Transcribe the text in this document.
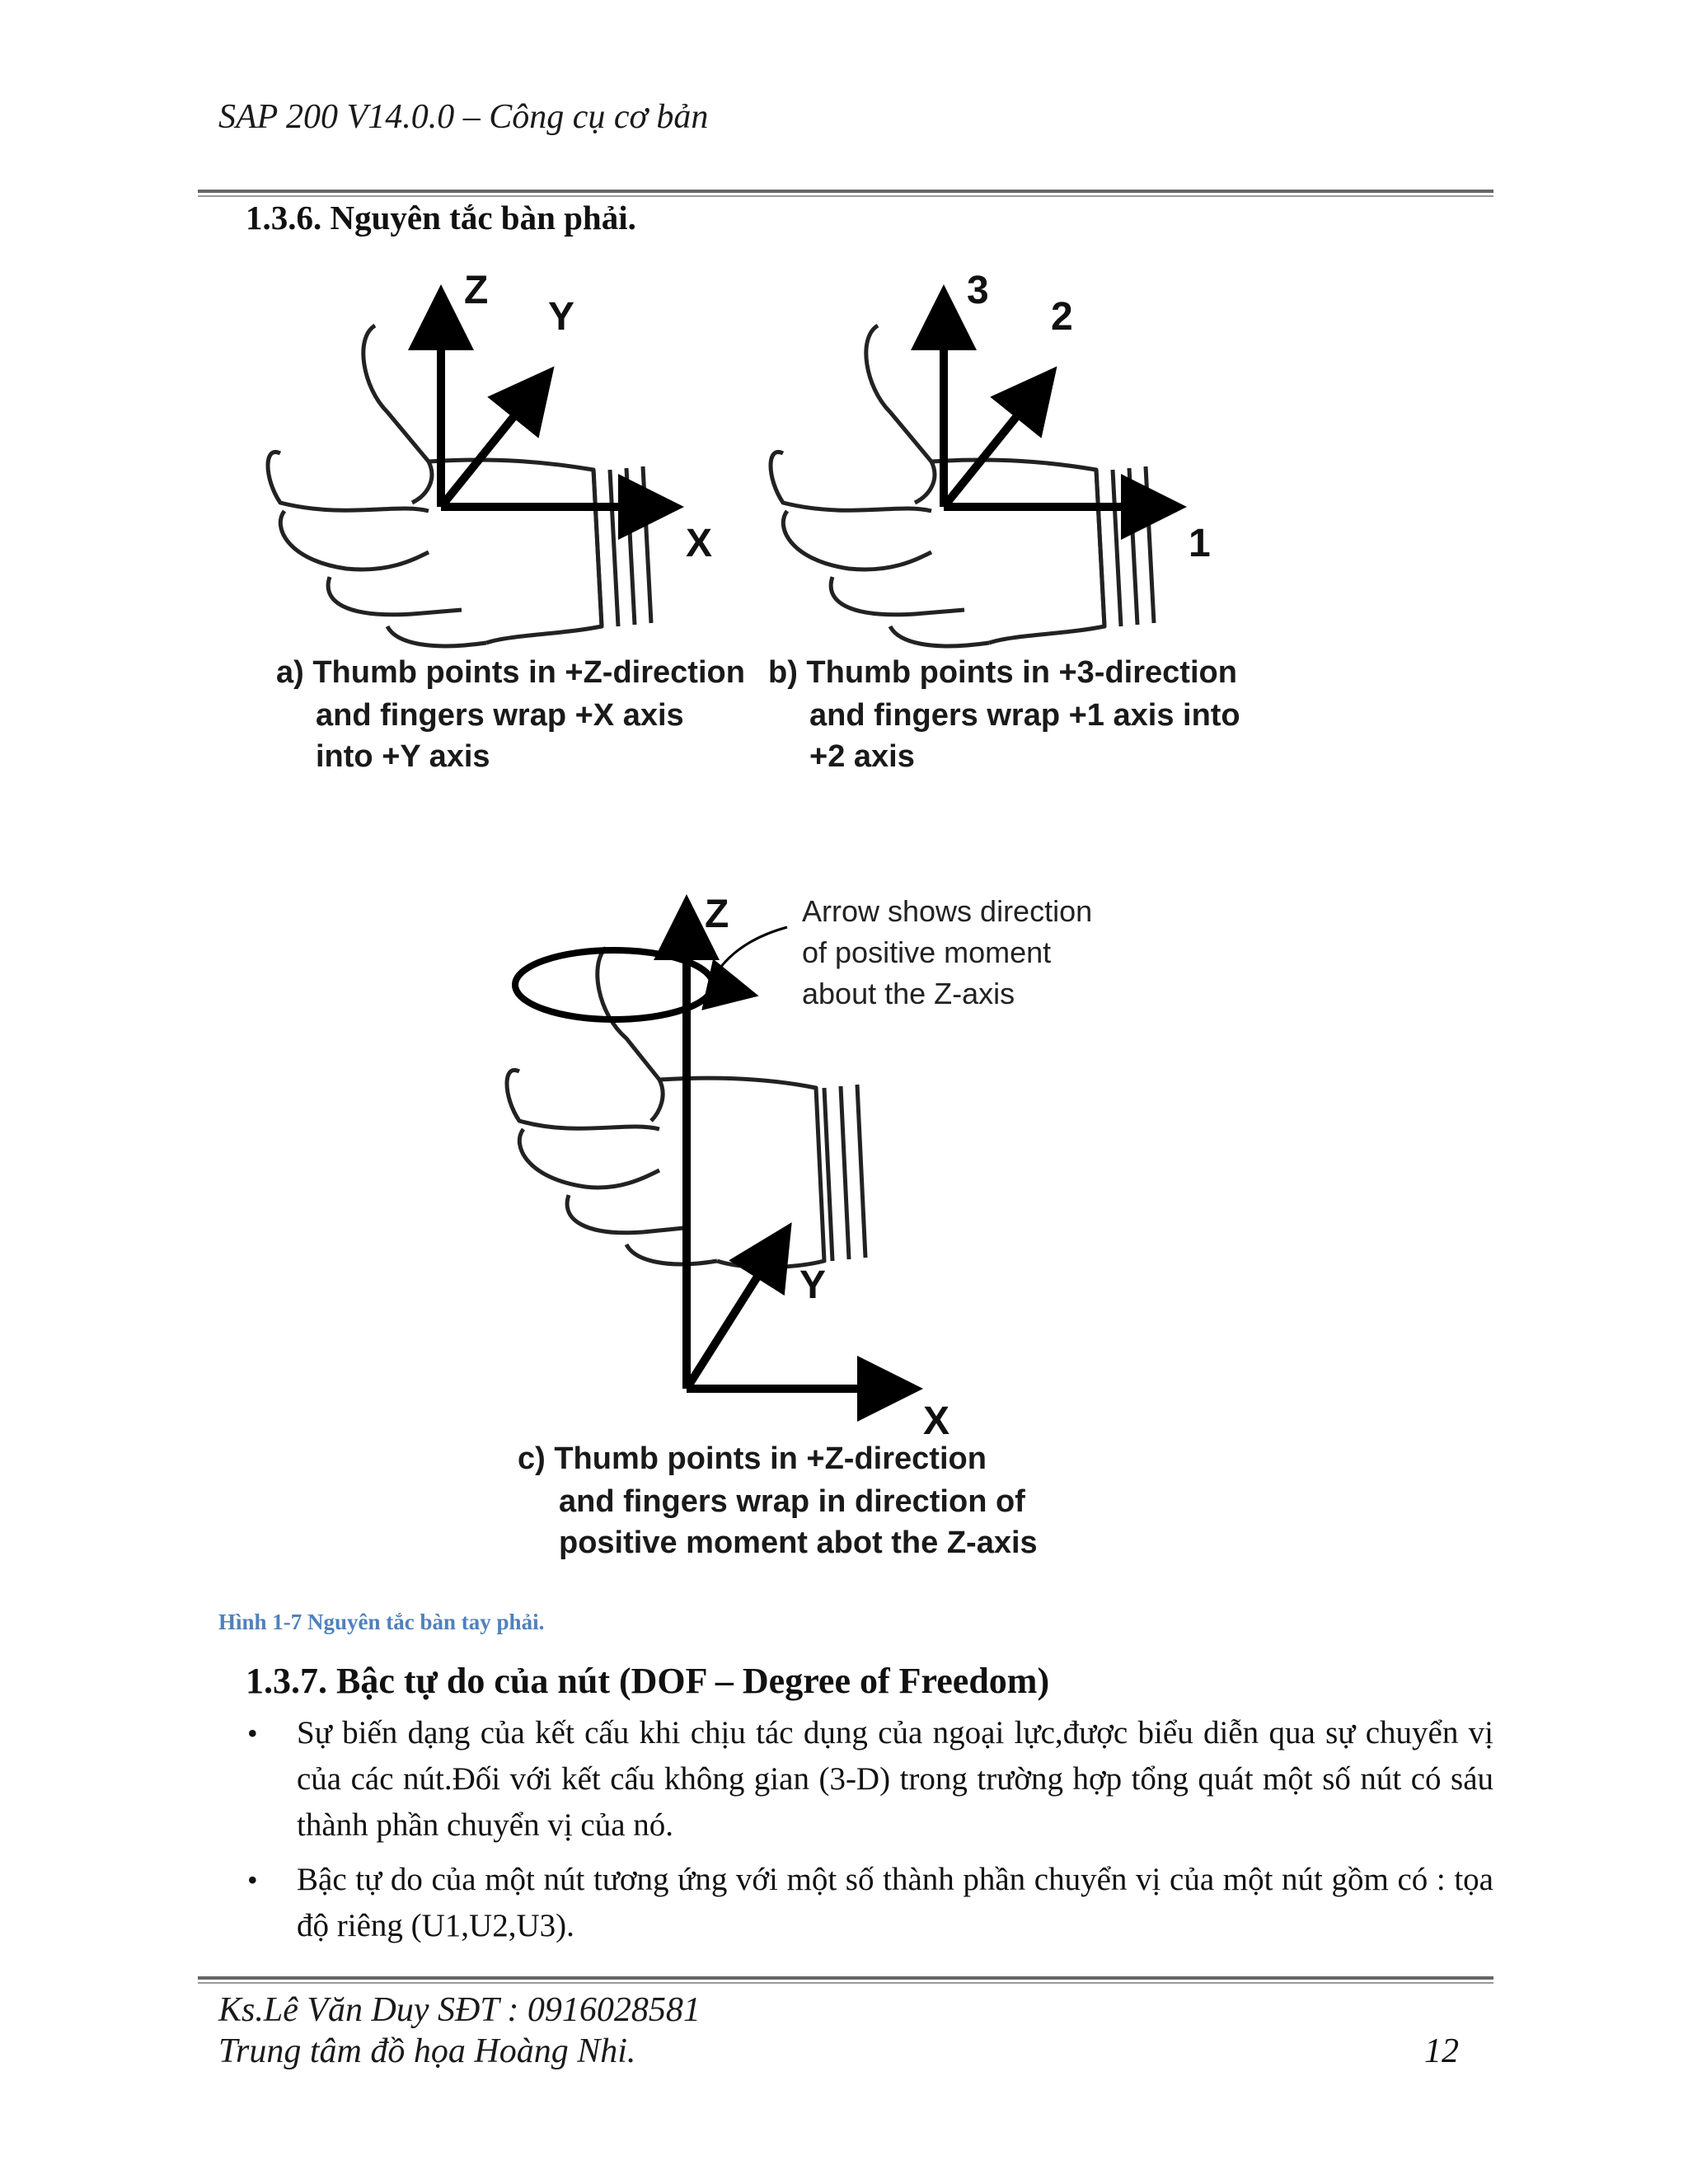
SAP 200 V14.0.0 – Công cụ cơ bản
1.3.6. Nguyên tắc bàn phải.
Z
Y
X
a) Thumb points in +Z-direction
and fingers wrap +X axis
into +Y axis
3
2
1
b) Thumb points in +3-direction
and fingers wrap +1 axis into
+2 axis
Z
Y
X
Arrow shows direction
of positive moment
about the Z-axis
c) Thumb points in +Z-direction
and fingers wrap in direction of
positive moment abot the Z-axis
Hình 1-7 Nguyên tắc bàn tay phải.
1.3.7. Bậc tự do của nút (DOF – Degree of Freedom)
• Sự biến dạng của kết cấu khi chịu tác dụng của ngoại lực,được biểu diễn qua sự chuyển vị của các nút.Đối với kết cấu không gian (3-D) trong trường hợp tổng quát một số nút có sáu thành phần chuyển vị của nó.
• Bậc tự do của một nút tương ứng với một số thành phần chuyển vị của một nút gồm có : tọa độ riêng (U1,U2,U3).
Ks.Lê Văn Duy SĐT : 0916028581
Trung tâm đồ họa Hoàng Nhi.	12
